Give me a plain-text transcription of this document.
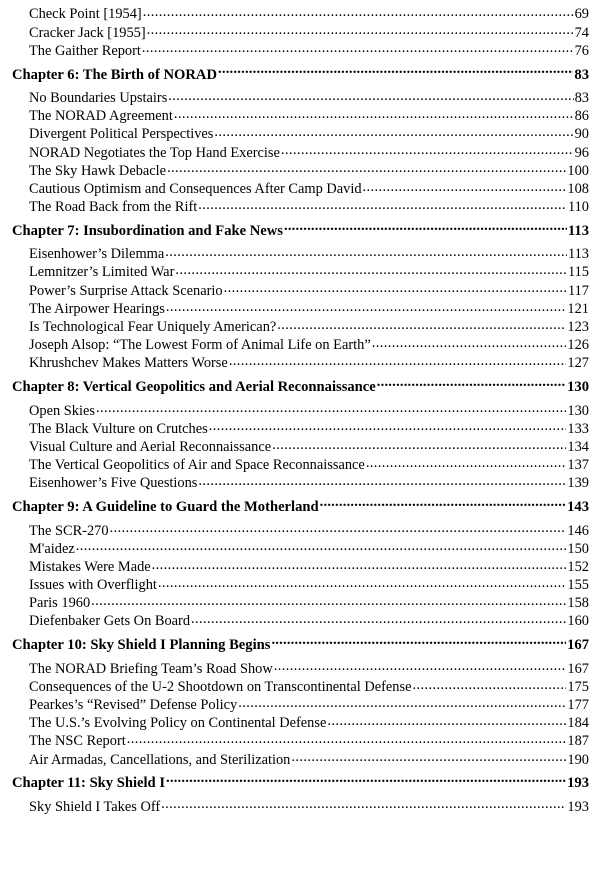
Check Point [1954] .....	69
Cracker Jack [1955] .....	74
The Gaither Report .....	76
Chapter 6: The Birth of NORAD .....	83
No Boundaries Upstairs .....	83
The NORAD Agreement .....	86
Divergent Political Perspectives .....	90
NORAD Negotiates the Top Hand Exercise .....	96
The Sky Hawk Debacle .....	100
Cautious Optimism and Consequences After Camp David .....	108
The Road Back from the Rift .....	110
Chapter 7: Insubordination and Fake News .....	113
Eisenhower’s Dilemma .....	113
Lemnitzer’s Limited War .....	115
Power’s Surprise Attack Scenario .....	117
The Airpower Hearings .....	121
Is Technological Fear Uniquely American? .....	123
Joseph Alsop: “The Lowest Form of Animal Life on Earth” .....	126
Khrushchev Makes Matters Worse .....	127
Chapter 8: Vertical Geopolitics and Aerial Reconnaissance .....	130
Open Skies .....	130
The Black Vulture on Crutches .....	133
Visual Culture and Aerial Reconnaissance .....	134
The Vertical Geopolitics of Air and Space Reconnaissance .....	137
Eisenhower’s Five Questions .....	139
Chapter 9: A Guideline to Guard the Motherland .....	143
The SCR-270 .....	146
M'aidez .....	150
Mistakes Were Made .....	152
Issues with Overflight .....	155
Paris 1960 .....	158
Diefenbaker Gets On Board .....	160
Chapter 10: Sky Shield I Planning Begins .....	167
The NORAD Briefing Team’s Road Show .....	167
Consequences of the U-2 Shootdown on Transcontinental Defense .....	175
Pearkes’s “Revised” Defense Policy .....	177
The U.S.’s Evolving Policy on Continental Defense .....	184
The NSC Report .....	187
Air Armadas, Cancellations, and Sterilization .....	190
Chapter 11: Sky Shield I .....	193
Sky Shield I Takes Off .....	193
